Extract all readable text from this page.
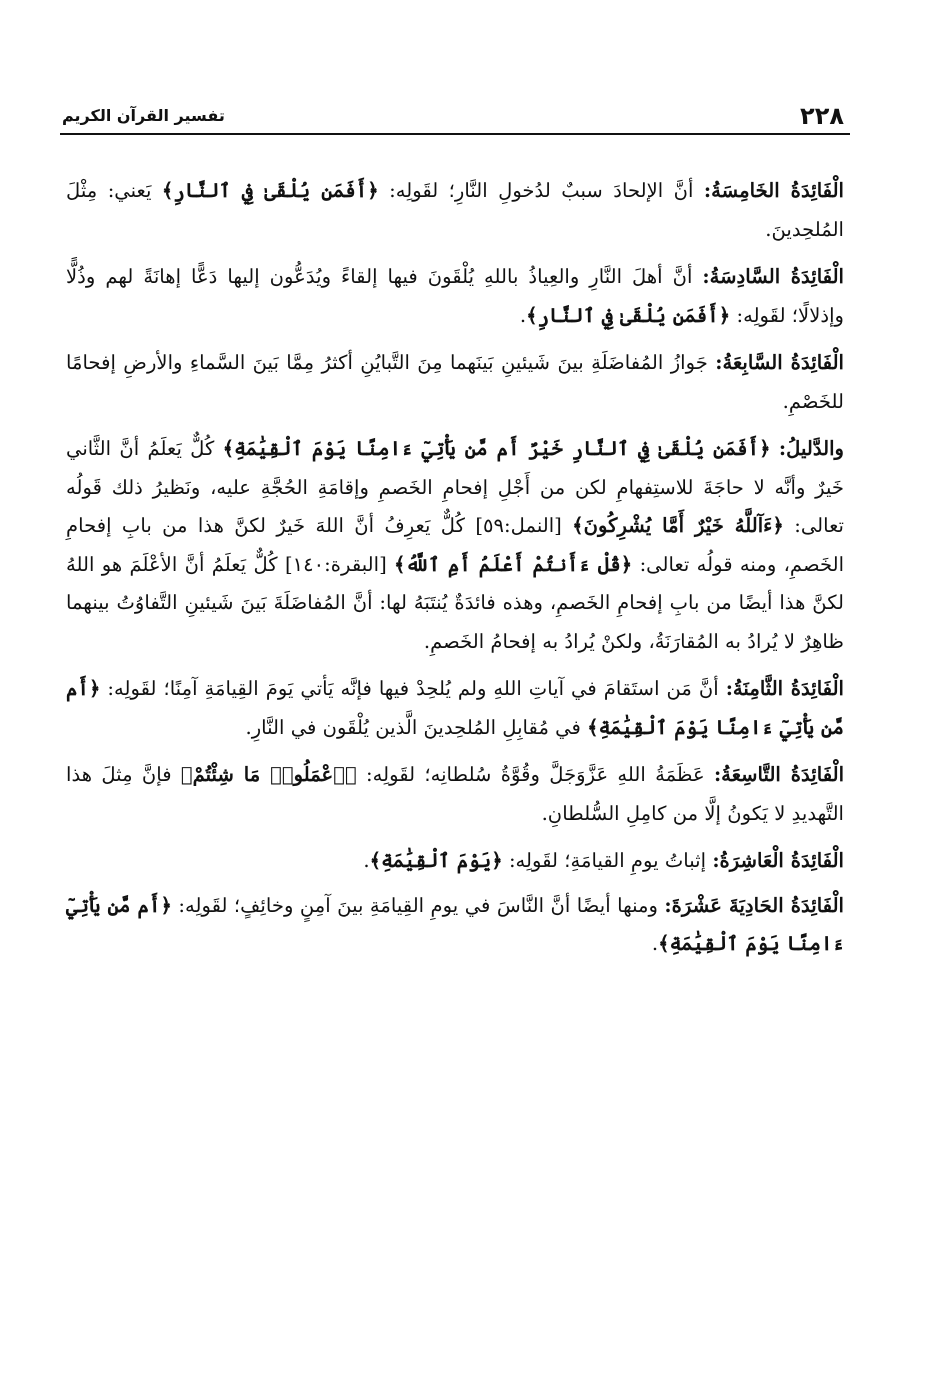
٢٢٨
تفسير القرآن الكريم

الْفَائِدَةُ الخَامِسَةُ: أنَّ الإلحادَ سببٌ لدُخولِ النَّارِ؛ لقَولِه: ﴿أَفَمَن يُلْقَىٰ فِي ٱلنَّارِ﴾ يَعني: مِثْلَ المُلحِدينَ.

الْفَائِدَةُ السَّادِسَةُ: أنَّ أهلَ النَّارِ والعِياذُ باللهِ يُلْقَونَ فيها إلقاءً ويُدَعُّون إليها دَعًّا إهانَةً لهم وذُلًّا وإذلالًا؛ لقَولِه: ﴿أَفَمَن يُلْقَىٰ فِي ٱلنَّارِ﴾.

الْفَائِدَةُ السَّابِعَةُ: جَوازُ المُفاضَلَةِ بينَ شَيئينِ بَينَهما مِنَ التَّبايُنِ أكثرُ مِمَّا بَينَ السَّماءِ والأرضِ إفحامًا للخَصْمِ.

والدَّليلُ: ﴿أَفَمَن يُلْقَىٰ فِي ٱلنَّارِ خَيْرٌ أَم مَّن يَأْتِيٓ ءَامِنًا يَوْمَ ٱلْقِيَٰمَةِ﴾ كُلٌّ يَعلَمُ أنَّ الثَّاني خَيرٌ وأنَّه لا حاجَةَ للاستِفهامِ لكن من أَجْلِ إفحامِ الخَصمِ وإقامَةِ الحُجَّةِ عليه، ونَظيرُ ذلك قَولُه تعالى: ﴿ءَآللَّهُ خَيْرٌ أَمَّا يُشْرِكُونَ﴾ [النمل:٥٩] كُلٌّ يَعرِفُ أنَّ اللهَ خَيرٌ لكنَّ هذا من بابِ إفحامِ الخَصمِ، ومنه قولُه تعالى: ﴿قُلْ ءَأَنتُمْ أَعْلَمُ أَمِ ٱللَّهُ﴾ [البقرة:١٤٠] كُلٌّ يَعلَمُ أنَّ الأعْلَمَ هو اللهُ لكنَّ هذا أيضًا من بابِ إفحامِ الخَصمِ، وهذه فائدَةٌ يُنتَبَهُ لها: أنَّ المُفاضَلَةَ بَينَ شَيئينِ التَّفاوُتُ بينهما ظاهِرٌ لا يُرادُ به المُقارَنَةُ، ولكنْ يُرادُ به إفحامُ الخَصمِ.

الْفَائِدَةُ الثَّامِنَةُ: أنَّ مَن استَقامَ في آياتِ اللهِ ولم يُلحِدْ فيها فإنَّه يَأتي يَومَ القِيامَةِ آمِنًا؛ لقَولِه: ﴿أَم مَّن يَأْتِيٓ ءَامِنًا يَوْمَ ٱلْقِيَٰمَةِ﴾ في مُقابِلِ المُلحِدينَ الَّذين يُلْقَون في النَّارِ.

الْفَائِدَةُ التَّاسِعَةُ: عَظَمَةُ اللهِ عَزَّوَجَلَّ وقُوَّةُ سُلطانِه؛ لقَولِه: ﴿ٱعْمَلُوا۟ مَا شِئْتُمْ﴾ فإنَّ مِثلَ هذا التَّهديدِ لا يَكونُ إلَّا من كامِلِ السُّلطانِ.

الْفَائِدَةُ الْعَاشِرَةُ: إثباتُ يومِ القيامَةِ؛ لقَولِه: ﴿يَوْمَ ٱلْقِيَٰمَةِ﴾.

الْفَائِدَةُ الحَادِيَةَ عَشْرَةَ: ومنها أيضًا أنَّ النَّاسَ في يومِ القِيامَةِ بينَ آمِنٍ وخائِفٍ؛ لقَولِه: ﴿أَم مَّن يَأْتِيٓ ءَامِنًا يَوْمَ ٱلْقِيَٰمَةِ﴾.
